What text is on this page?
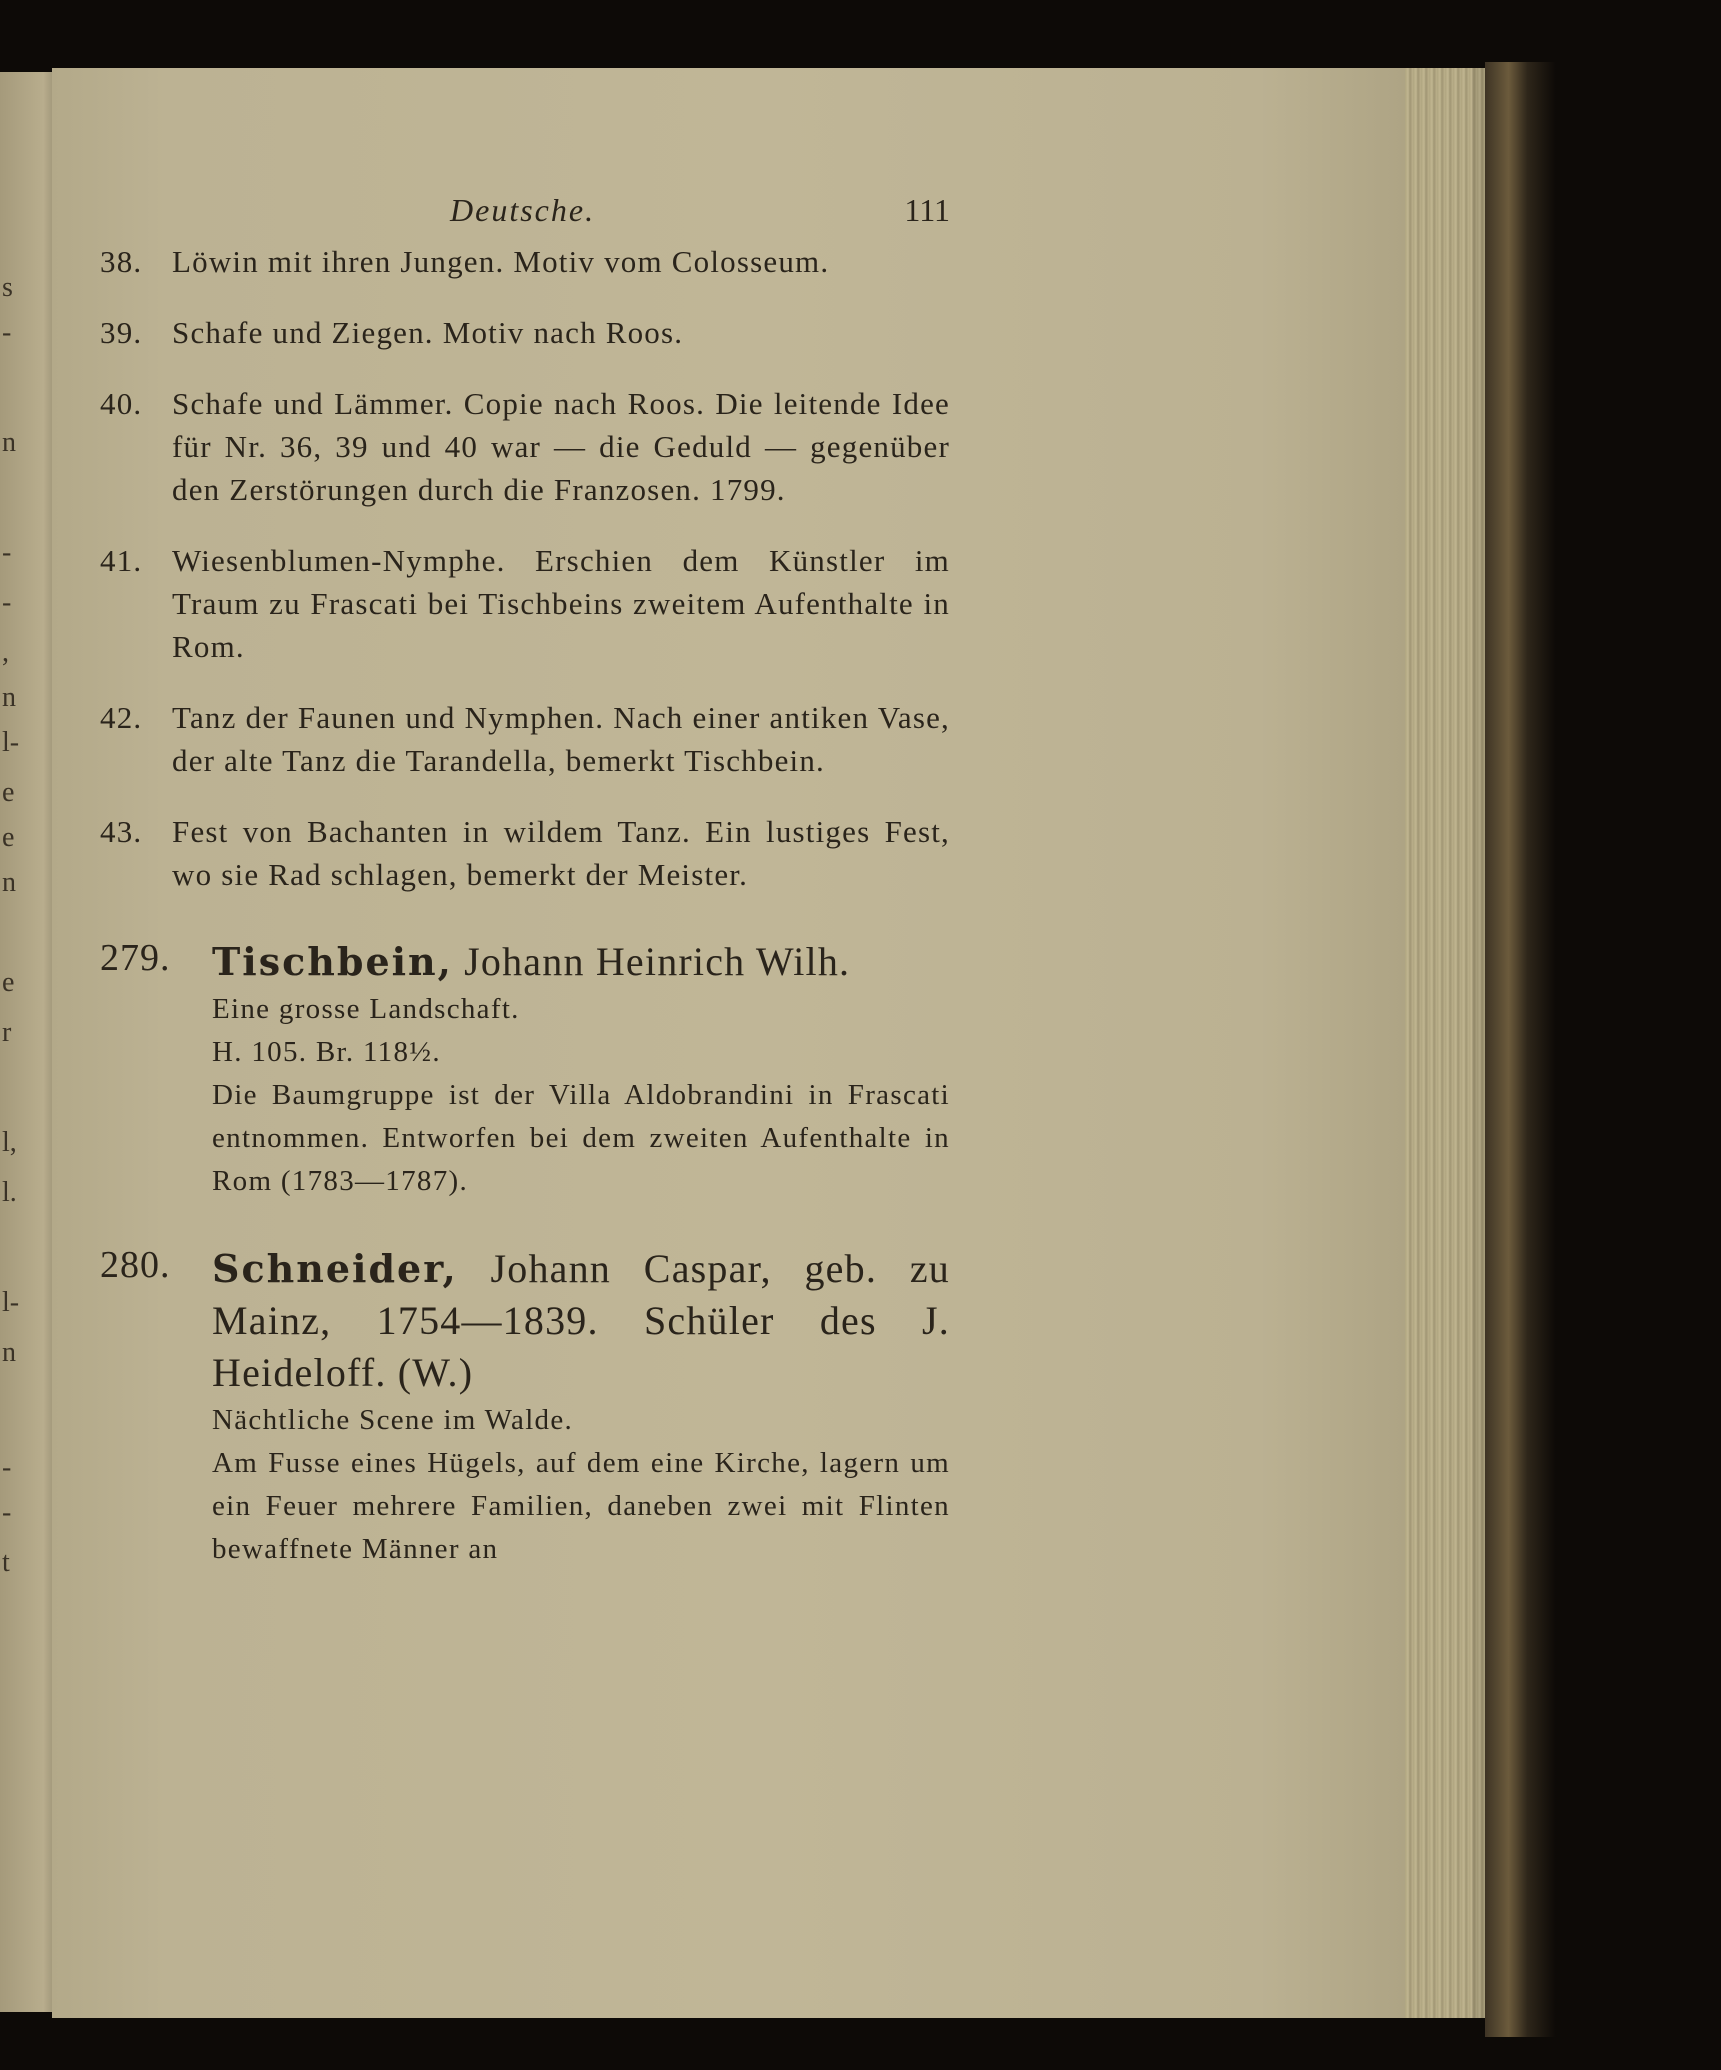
s
-
n
-
-
,
n
l-
e
e
n
e
r
l,
l.
l-
n
-
-
t
Deutsche.	111
38. Löwin mit ihren Jungen. Motiv vom Colosseum.
39. Schafe und Ziegen. Motiv nach Roos.
40. Schafe und Lämmer. Copie nach Roos. Die leitende Idee für Nr. 36, 39 und 40 war — die Geduld — gegenüber den Zerstörungen durch die Franzosen. 1799.
41. Wiesenblumen-Nymphe. Erschien dem Künstler im Traum zu Frascati bei Tischbeins zweitem Aufenthalte in Rom.
42. Tanz der Faunen und Nymphen. Nach einer antiken Vase, der alte Tanz die Tarandella, bemerkt Tischbein.
43. Fest von Bachanten in wildem Tanz. Ein lustiges Fest, wo sie Rad schlagen, bemerkt der Meister.
279. Tischbein, Johann Heinrich Wilh.
Eine grosse Landschaft.
H. 105. Br. 118½.
Die Baumgruppe ist der Villa Aldobrandini in Frascati entnommen. Entworfen bei dem zweiten Aufenthalte in Rom (1783—1787).
280. Schneider, Johann Caspar, geb. zu Mainz, 1754—1839. Schüler des J. Heideloff. (W.)
Nächtliche Scene im Walde.
Am Fusse eines Hügels, auf dem eine Kirche, lagern um ein Feuer mehrere Familien, daneben zwei mit Flinten bewaffnete Männer an
